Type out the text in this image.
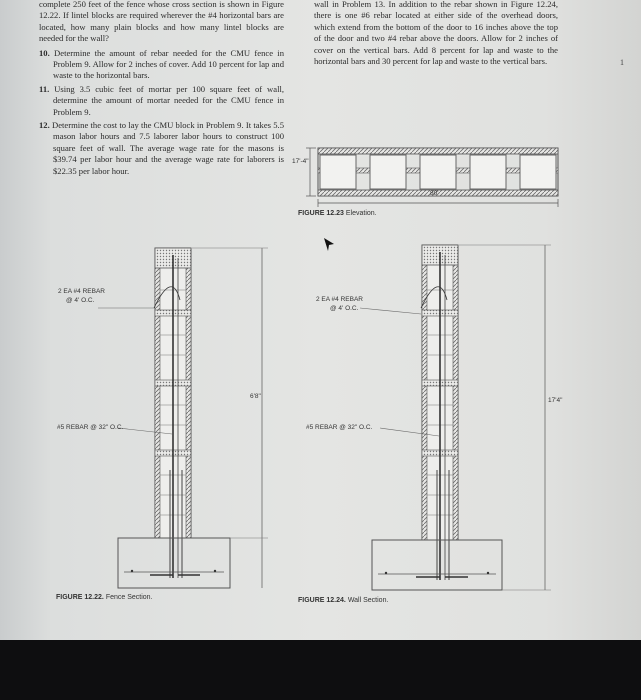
complete 250 feet of the fence whose cross section is shown in Figure 12.22. If lintel blocks are required wherever the #4 horizontal bars are located, how many plain blocks and how many lintel blocks are needed for the wall?

10. Determine the amount of rebar needed for the CMU fence in Problem 9. Allow for 2 inches of cover. Add 10 percent for lap and waste to the horizontal bars.

11. Using 3.5 cubic feet of mortar per 100 square feet of wall, determine the amount of mortar needed for the CMU fence in Problem 9.

12. Determine the cost to lay the CMU block in Problem 9. It takes 5.5 mason labor hours and 7.5 laborer labor hours to construct 100 square feet of wall. The average wage rate for the masons is $39.74 per labor hour and the average wage rate for laborers is $22.35 per labor hour.

wall in Problem 13. In addition to the rebar shown in Figure 12.24, there is one #6 rebar located at either side of the overhead doors, which extend from the bottom of the door to 16 inches above the top of the door and two #4 rebar above the doors. Allow for 2 inches of cover on the vertical bars. Add 8 percent for lap and waste to the horizontal bars and 30 percent for lap and waste to the vertical bars.	1
17'-4"
80'
FIGURE 12.23 Elevation.
2 EA #4 REBAR
@ 4' O.C.
#5 REBAR @ 32" O.C.
6'8"
FIGURE 12.22. Fence Section.
2 EA #4 REBAR
@ 4' O.C.
#5 REBAR @ 32" O.C.
17'4"
FIGURE 12.24. Wall Section.
